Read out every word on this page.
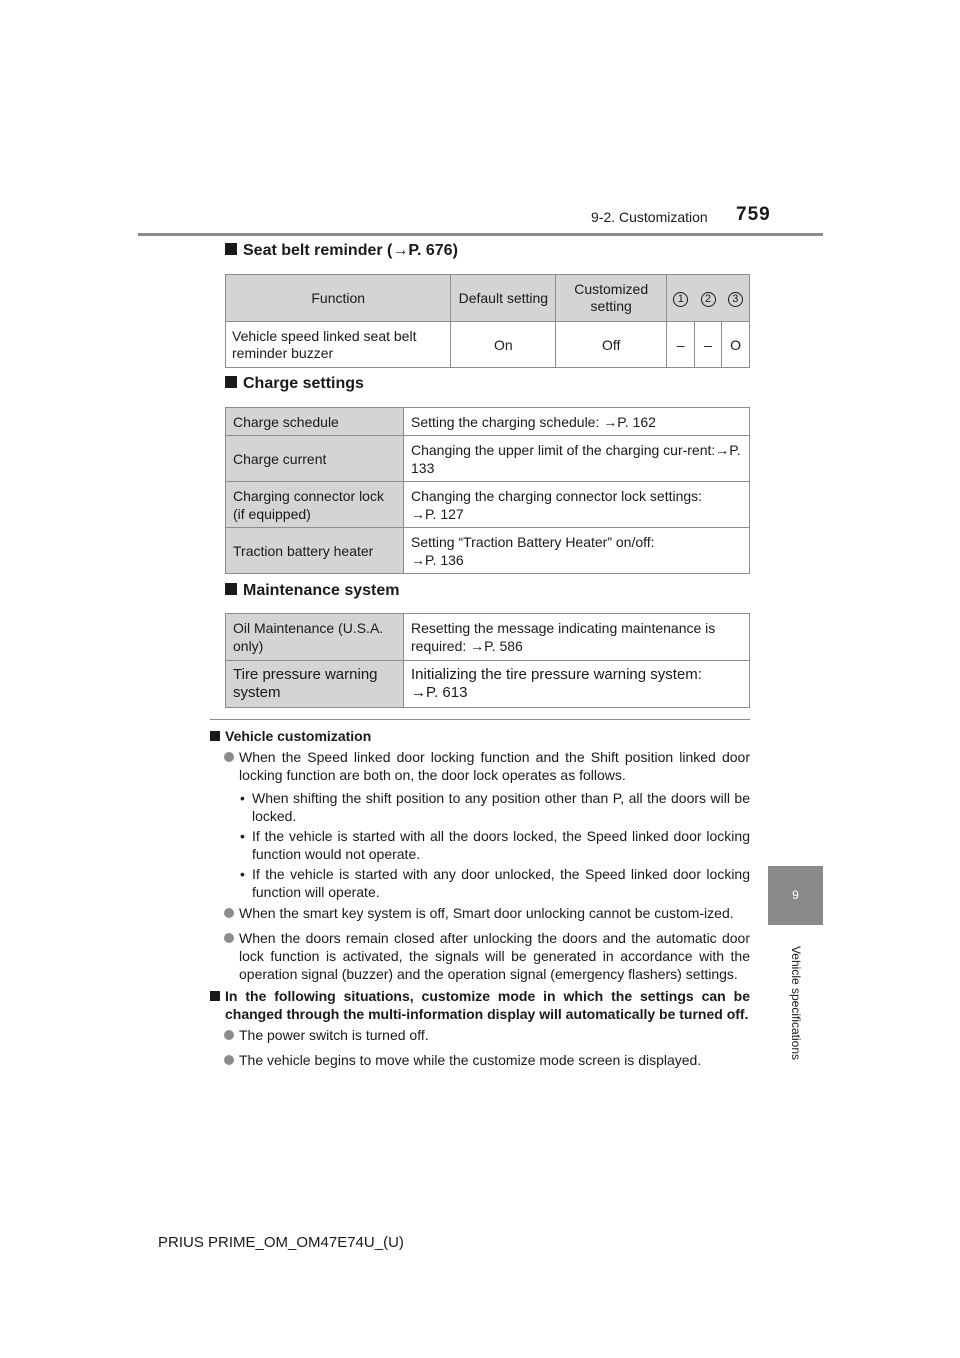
9-2. Customization 759
9
Vehicle specifications
Seat belt reminder (→P. 676)
Function	Default setting	Customized setting	1	2	3
Vehicle speed linked seat belt reminder buzzer	On	Off	–	–	O
Charge settings
Charge schedule	Setting the charging schedule: →P. 162
Charge current	Changing the upper limit of the charging cur-rent:→P. 133
Charging connector lock (if equipped)	Changing the charging connector lock settings:
→P. 127
Traction battery heater	Setting “Traction Battery Heater” on/off:
→P. 136
Maintenance system
Oil Maintenance (U.S.A. only)	Resetting the message indicating maintenance is required: →P. 586
Tire pressure warning system	Initializing the tire pressure warning system:
→P. 613
Vehicle customization
When the Speed linked door locking function and the Shift position linked door locking function are both on, the door lock operates as follows.
• When shifting the shift position to any position other than P, all the doors will be locked.
• If the vehicle is started with all the doors locked, the Speed linked door locking function would not operate.
• If the vehicle is started with any door unlocked, the Speed linked door locking function will operate.
When the smart key system is off, Smart door unlocking cannot be custom-ized.
When the doors remain closed after unlocking the doors and the automatic door lock function is activated, the signals will be generated in accordance with the operation signal (buzzer) and the operation signal (emergency flashers) settings.
In the following situations, customize mode in which the settings can be changed through the multi-information display will automatically be turned off.
The power switch is turned off.
The vehicle begins to move while the customize mode screen is displayed.
PRIUS PRIME_OM_OM47E74U_(U)
